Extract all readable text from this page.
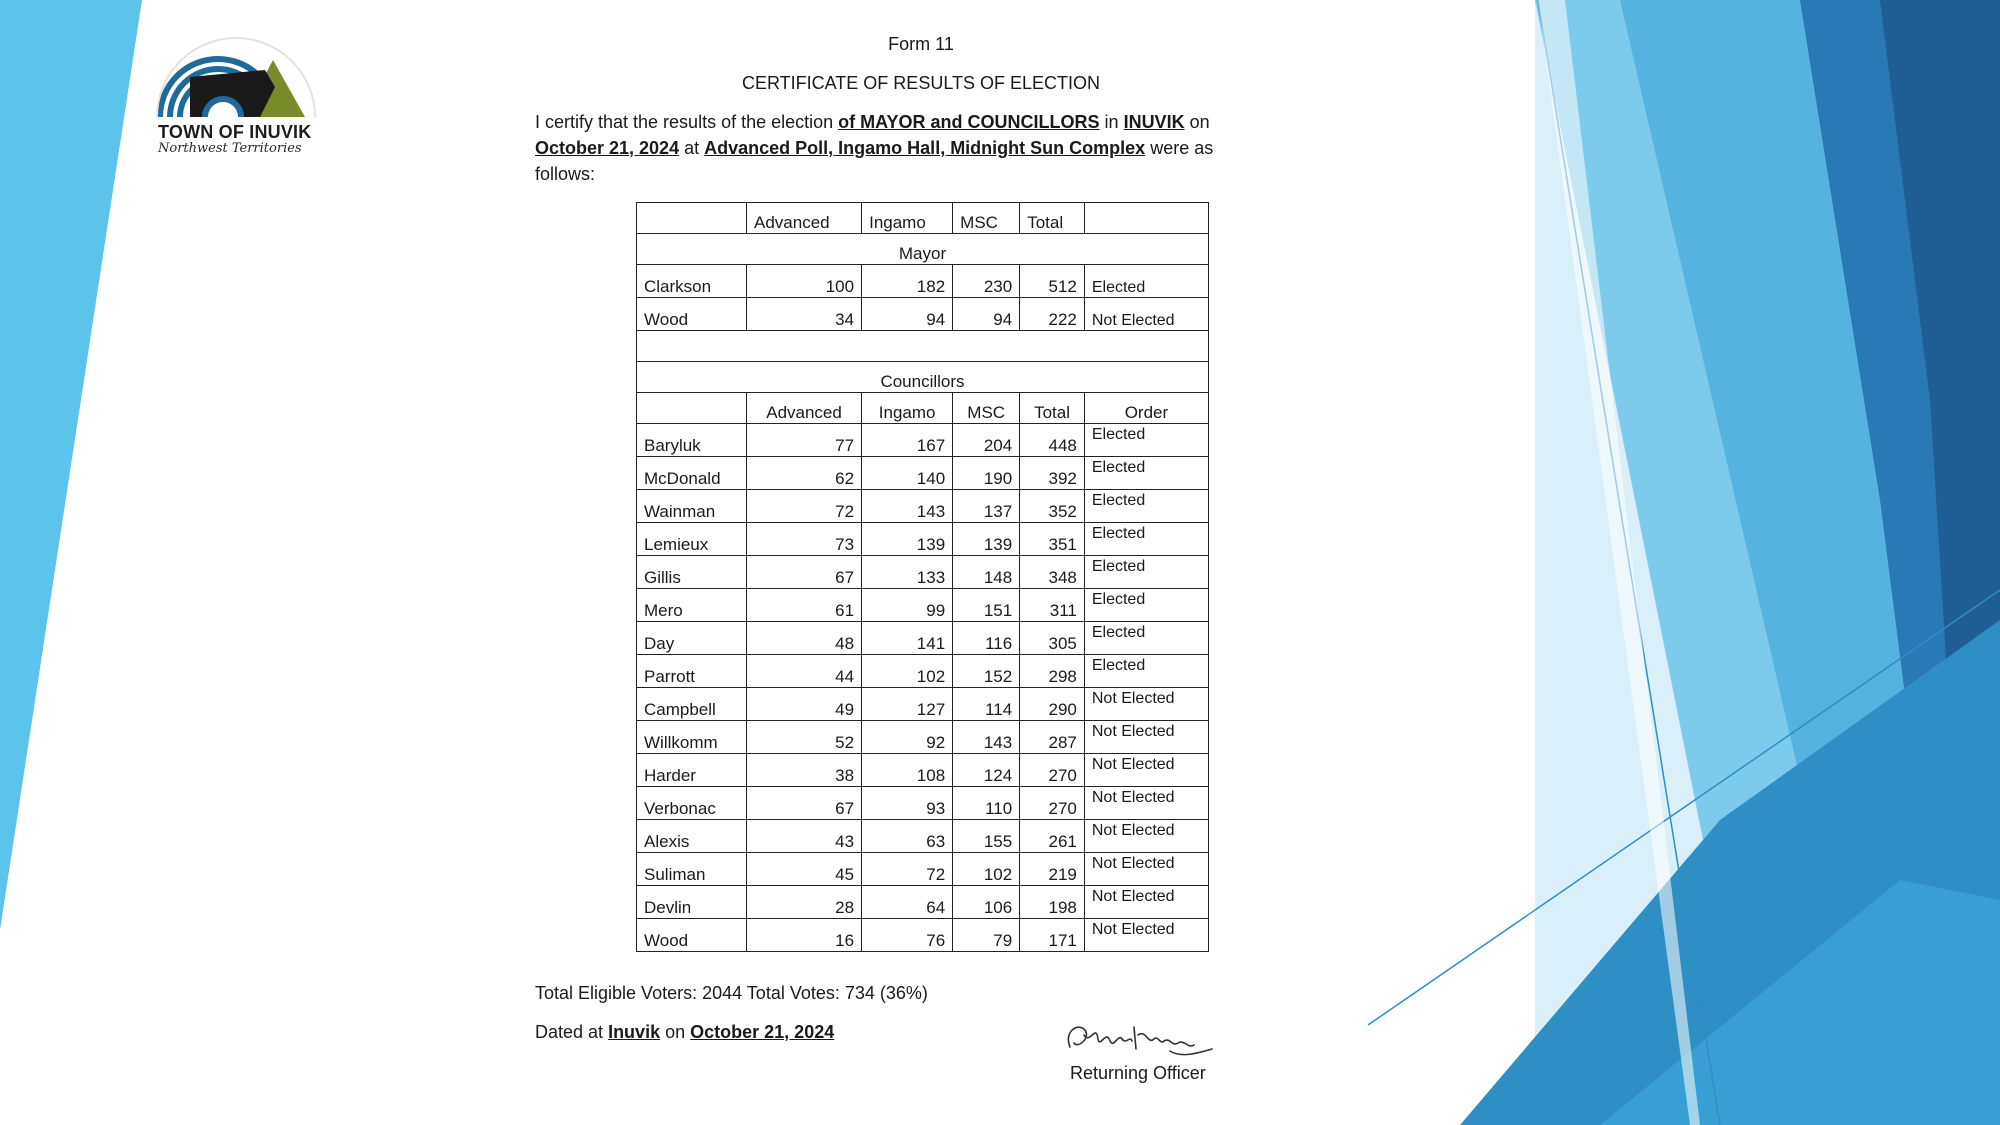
TOWN OF INUVIK
Northwest Territories
Form 11
CERTIFICATE OF RESULTS OF ELECTION
I certify that the results of the election of MAYOR and COUNCILLORS in INUVIK on
October 21, 2024 at Advanced Poll, Ingamo Hall, Midnight Sun Complex were as
follows:
	Advanced	Ingamo	MSC	Total	
Mayor					
Clarkson	100	182	230	512	Elected
Wood	34	94	94	222	Not Elected

Councillors					
	Advanced	Ingamo	MSC	Total	Order
Baryluk	77	167	204	448	Elected
McDonald	62	140	190	392	Elected
Wainman	72	143	137	352	Elected
Lemieux	73	139	139	351	Elected
Gillis	67	133	148	348	Elected
Mero	61	99	151	311	Elected
Day	48	141	116	305	Elected
Parrott	44	102	152	298	Elected
Campbell	49	127	114	290	Not Elected
Willkomm	52	92	143	287	Not Elected
Harder	38	108	124	270	Not Elected
Verbonac	67	93	110	270	Not Elected
Alexis	43	63	155	261	Not Elected
Suliman	45	72	102	219	Not Elected
Devlin	28	64	106	198	Not Elected
Wood	16	76	79	171	Not Elected
Total Eligible Voters: 2044 Total Votes: 734 (36%)
Dated at Inuvik on October 21, 2024
Returning Officer
